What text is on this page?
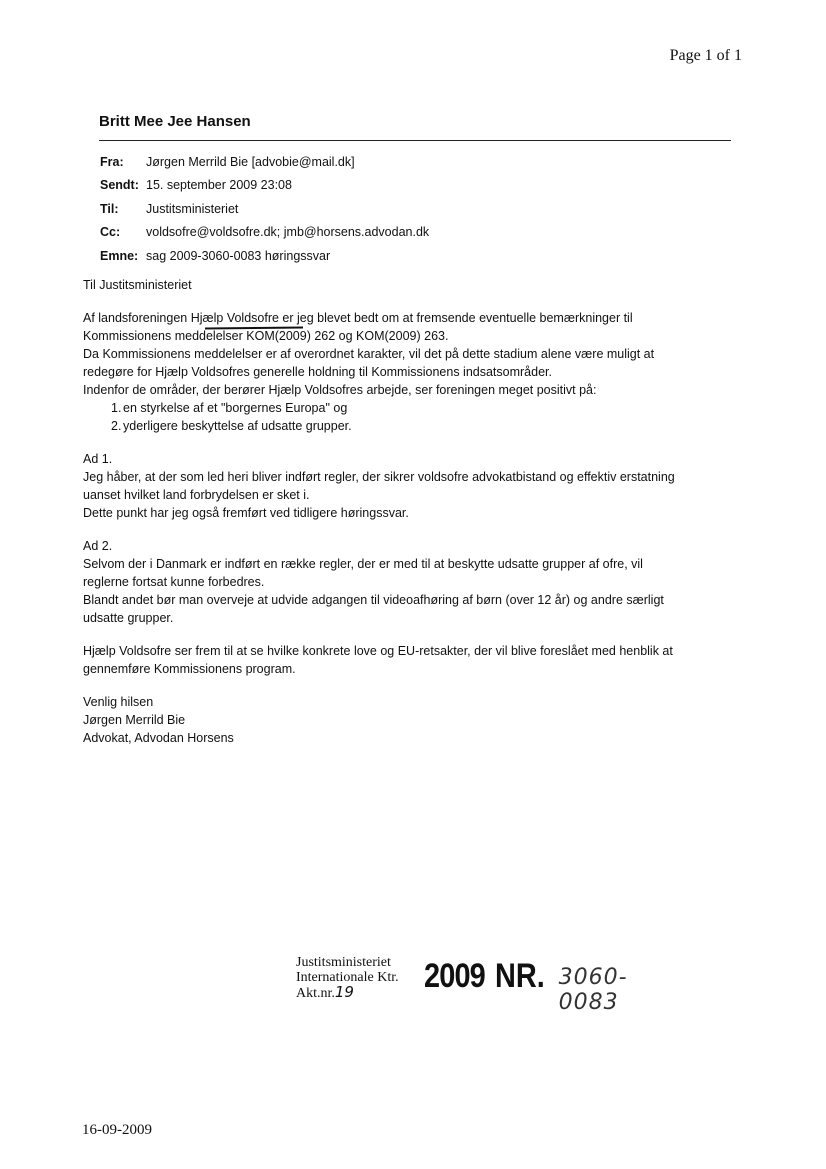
Page 1 of 1
Britt Mee Jee Hansen
Fra:	Jørgen Merrild Bie [advobie@mail.dk]
Sendt: 15. september 2009 23:08
Til:	Justitsministeriet
Cc:	voldsofre@voldsofre.dk; jmb@horsens.advodan.dk
Emne: sag 2009-3060-0083 høringssvar

Til Justitsministeriet

Af landsforeningen Hjælp Voldsofre er jeg blevet bedt om at fremsende eventuelle bemærkninger til

Kommissionens meddelelser KOM(2009) 262 og KOM(2009) 263.

Da Kommissionens meddelelser er af overordnet karakter, vil det på dette stadium alene være muligt at

redegøre for Hjælp Voldsofres generelle holdning til Kommissionens indsatsområder.

Indenfor de områder, der berører Hjælp Voldsofres arbejde, ser foreningen meget positivt på:

1. en styrkelse af et "borgernes Europa" og
2. yderligere beskyttelse af udsatte grupper.

Ad 1.

Jeg håber, at der som led heri bliver indført regler, der sikrer voldsofre advokatbistand og effektiv erstatning

uanset hvilket land forbrydelsen er sket i.

Dette punkt har jeg også fremført ved tidligere høringssvar.

Ad 2.

Selvom der i Danmark er indført en række regler, der er med til at beskytte udsatte grupper af ofre, vil

reglerne fortsat kunne forbedres.

Blandt andet bør man overveje at udvide adgangen til videoafhøring af børn (over 12 år) og andre særligt

udsatte grupper.

Hjælp Voldsofre ser frem til at se hvilke konkrete love og EU-retsakter, der vil blive foreslået med henblik at

gennemføre Kommissionens program.

Venlig hilsen

Jørgen Merrild Bie

Advokat, Advodan Horsens

Justitsministeriet
Internationale Ktr.
Akt.nr.19	2009 NR. 3060-0083
16-09-2009
